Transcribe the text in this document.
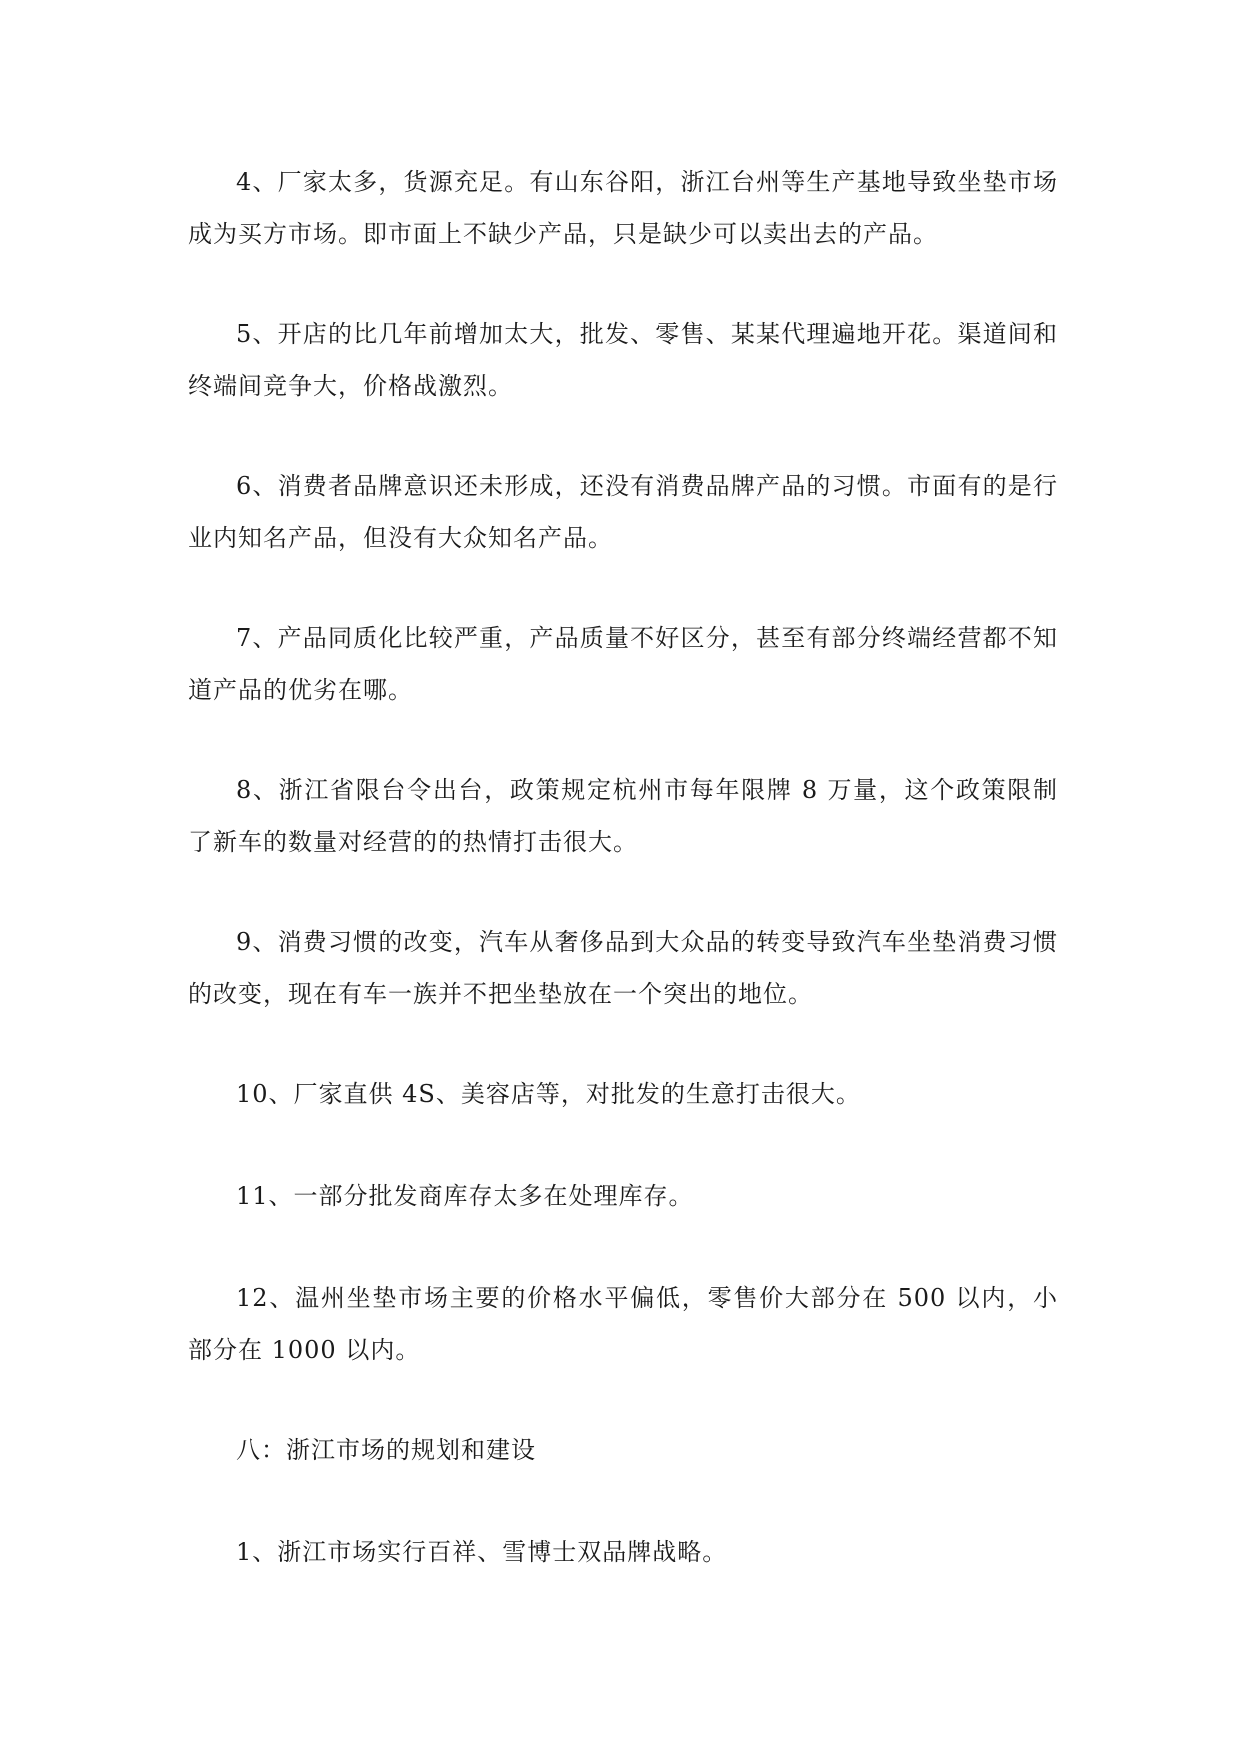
4、厂家太多，货源充足。有山东谷阳，浙江台州等生产基地导致坐垫市场成为买方市场。即市面上不缺少产品，只是缺少可以卖出去的产品。

5、开店的比几年前增加太大，批发、零售、某某代理遍地开花。渠道间和终端间竞争大，价格战激烈。

6、消费者品牌意识还未形成，还没有消费品牌产品的习惯。市面有的是行业内知名产品，但没有大众知名产品。

7、产品同质化比较严重，产品质量不好区分，甚至有部分终端经营都不知道产品的优劣在哪。

8、浙江省限台令出台，政策规定杭州市每年限牌 8 万量，这个政策限制了新车的数量对经营的的热情打击很大。

9、消费习惯的改变，汽车从奢侈品到大众品的转变导致汽车坐垫消费习惯的改变，现在有车一族并不把坐垫放在一个突出的地位。

10、厂家直供 4S、美容店等，对批发的生意打击很大。

11、一部分批发商库存太多在处理库存。

12、温州坐垫市场主要的价格水平偏低，零售价大部分在 500 以内，小部分在 1000 以内。

八：浙江市场的规划和建设

1、浙江市场实行百祥、雪博士双品牌战略。
